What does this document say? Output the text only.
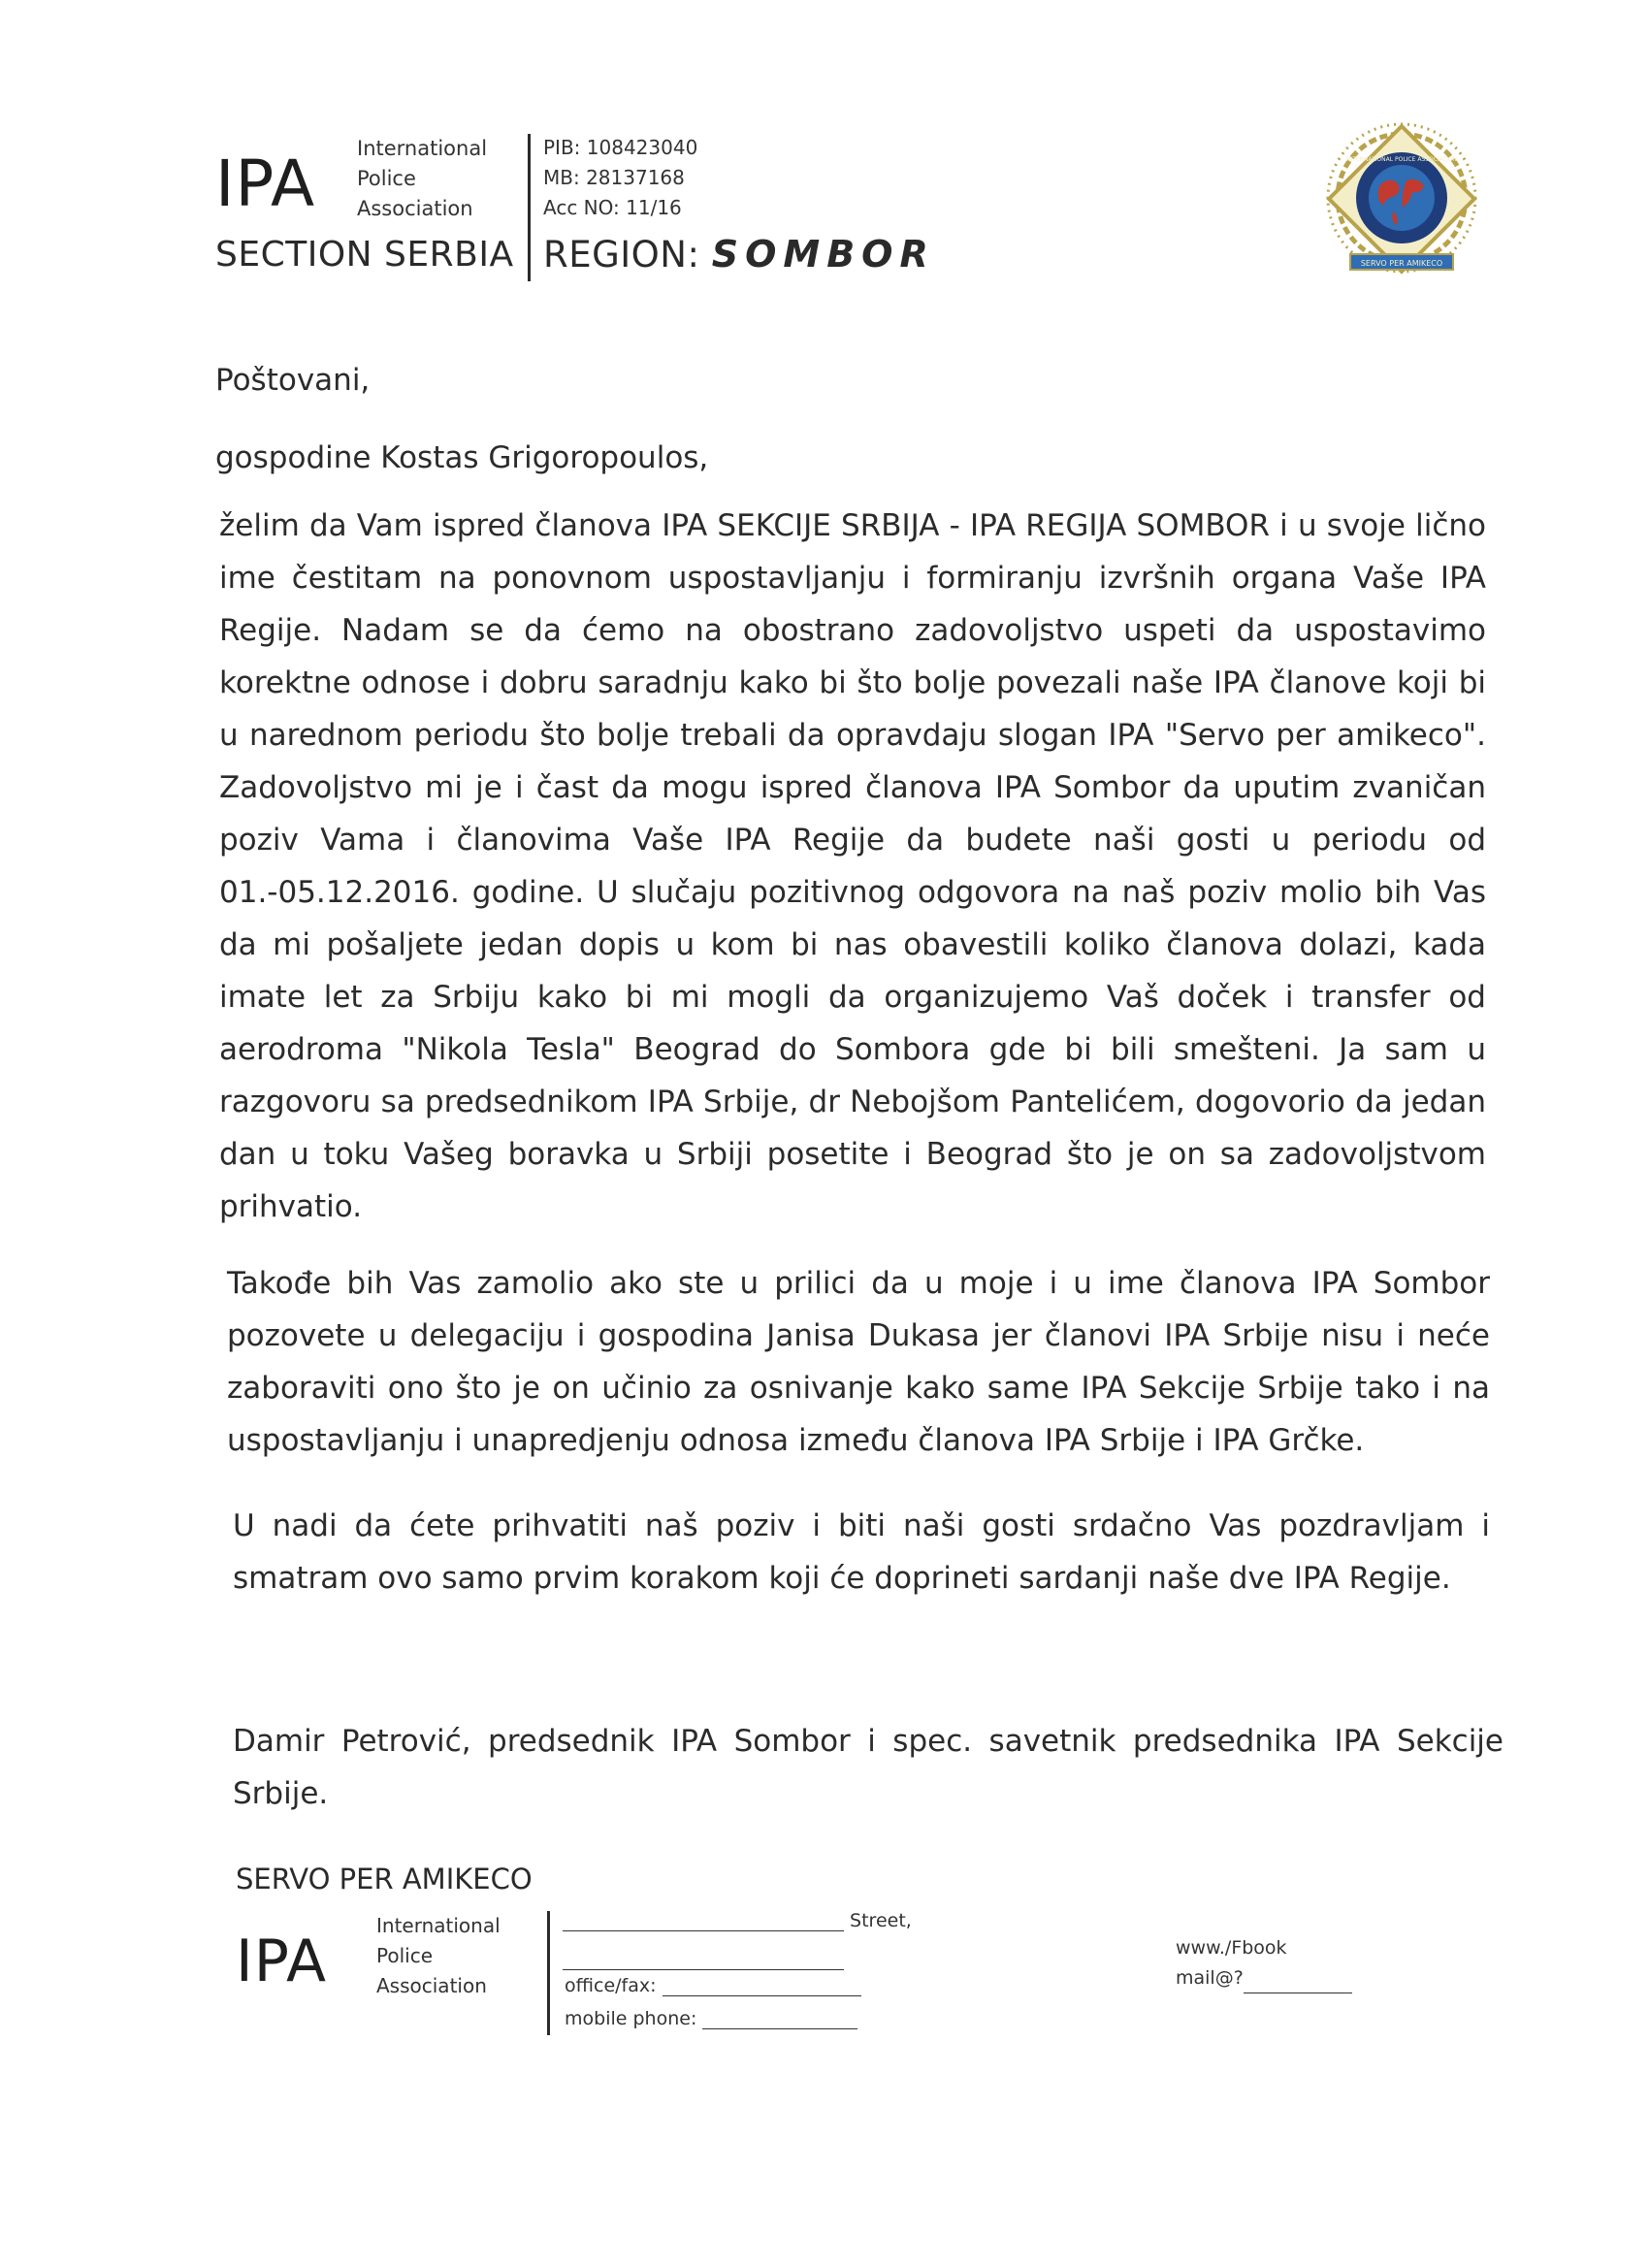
IPA International
Police
Association
SECTION SERBIA
PIB: 108423040
MB: 28137168
Acc NO: 11/16
REGION: SOMBOR	SERVO PER AMIKECO
INTERNATIONAL POLICE ASSOCIATION
Poštovani,
gospodine Kostas Grigoropoulos,
želim da Vam ispred članova IPA SEKCIJE SRBIJA - IPA REGIJA SOMBOR i u svoje lično ime čestitam na ponovnom uspostavljanju i formiranju izvršnih organa Vaše IPA Regije. Nadam se da ćemo na obostrano zadovoljstvo uspeti da uspostavimo korektne odnose i dobru saradnju kako bi što bolje povezali naše IPA članove koji bi u narednom periodu što bolje trebali da opravdaju slogan IPA "Servo per amikeco". Zadovoljstvo mi je i čast da mogu ispred članova IPA Sombor da uputim zvaničan poziv Vama i članovima Vaše IPA Regije da budete naši gosti u periodu od 01.-05.12.2016. godine. U slučaju pozitivnog odgovora na naš poziv molio bih Vas da mi pošaljete jedan dopis u kom bi nas obavestili koliko članova dolazi, kada imate let za Srbiju kako bi mi mogli da organizujemo Vaš doček i transfer od aerodroma "Nikola Tesla" Beograd do Sombora gde bi bili smešteni. Ja sam u razgovoru sa predsednikom IPA Srbije, dr Nebojšom Pantelićem, dogovorio da jedan dan u toku Vašeg boravka u Srbiji posetite i Beograd što je on sa zadovoljstvom prihvatio.
Takođe bih Vas zamolio ako ste u prilici da u moje i u ime članova IPA Sombor pozovete u delegaciju i gospodina Janisa Dukasa jer članovi IPA Srbije nisu i neće zaboraviti ono što je on učinio za osnivanje kako same IPA Sekcije Srbije tako i na uspostavljanju i unapredjenju odnosa između članova IPA Srbije i IPA Grčke.
U nadi da ćete prihvatiti naš poziv i biti naši gosti srdačno Vas pozdravljam i smatram ovo samo prvim korakom koji će doprineti sardanji naše dve IPA Regije.
Damir Petrović, predsednik IPA Sombor i spec. savetnik predsednika IPA Sekcije Srbije.
SERVO PER AMIKECO
IPA
International
Police
Association
Street,
office/fax:
mobile phone:
www./Fbook
mail@?
